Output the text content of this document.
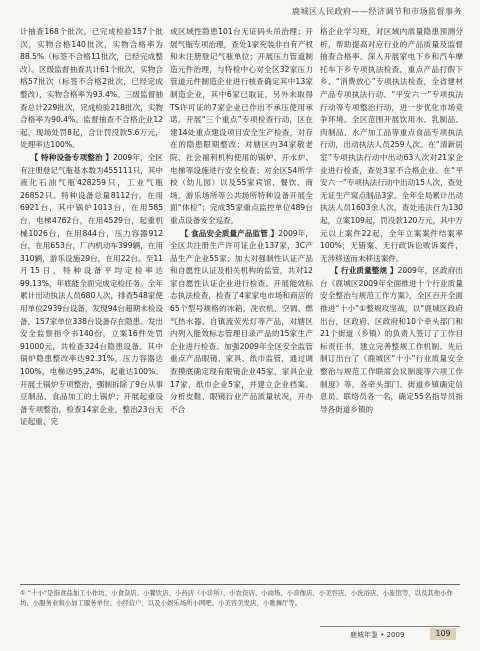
鹿城区人民政府——经济调节和市场监督事务

计抽查168个批次，已完成检验157个批次，实物合格140批次，实物合格率为88.5%（标签不合格11批次，已经完成整改）。区级监督抽查共计61个批次，实物合格57批次（标签不合格2批次，已经完成整改），实物合格率为93.4%。三级监督抽查总计229批次，完成检验218批次，实物合格率为90.4%。监督抽查不合格企业12起，现场处罚8起，合计罚没款5.6万元，处理率达100%。

【 特种设备专项整治 】2009年，全区有注册登记气瓶基本数为455111只，其中液化石油气瓶428259只，工业气瓶26852只。特种设备总量8112台，在用6921台，其中锅炉1013台，在用585台，电梯4762台，在用4529台，起重机械1026台，在用844台，压力容器912台，在用653台，厂内机动车399辆，在用310辆，游乐设施29台，在用22台。至11月15日，特种设备平均定检率达99.13%，年底能全面完成定检任务。全年累计出动执法人员680人次，排查548家使用单位2939台设备，发现94台超期未检设备，157家单位338台设备存在隐患。发出安全监察指令书140份，立案16件处罚91000元，共检查324台隐患设备。其中锅炉隐患整改率达92.31%，压力容器达100%，电梯达95.24%，起重达100%。开展土锅炉专项整治，强制拆除了9台从事豆制品、食品加工的土锅炉；开展起重设备专项整治，检查14家企业，整治23台无证起重、完

成区域性隐患101台无证码头吊治理；开展气瓶专项治理，查处1家充装非自有产权和未注册登记气瓶单位；开展压力管道制造元件治理，与特检中心对全区32家压力管道元件制造企业进行核查确定其中13家制造企业，其中6家已取证，另外未取得TS许可证的7家企业已作出不承压使用承诺。开展“三个重点”专项检查行动，区在建14处重点建设项目安全生产检查，对存在的隐患限期整改；对辖区内34家敬老院、社会福利机构使用的锅炉、开水炉、电梯等设施进行安全检查；对全区54所学校（幼儿园）以及55家宾馆、餐饮、商场、游乐场所等公共场所特种设备开展全面“体检”；完成35家重点监控单位489台重点设备安全巡查。

【 食品安全质量产品监管 】2009年，全区共注册生产许可证企业137家，3C产品生产企业55家；加大对强制性认证产品和自愿性认证及相关机构的监管，共对12家自愿性认证企业进行检查。开展能效标志执法检查，检查了4家家电市场和商店的65个型号规格的冰箱、洗衣机、空调、燃气热水器、自镇流荧光灯等产品，对辖区内列入能效标志管理目录产品的15家生产企业进行检查。加强2009年全区安全监管重点产品眼镜、家具、纸巾监管，通过调查摸底确定现有眼镜企业45家，家具企业17家，纸巾企业5家，并建立企业档案。分析皮鞋、眼镜行业产品质量状况，开办不合

格企业学习班，对区域内质量隐患预测分析，帮助提高对应行业的产品质量及监督抽查合格率。深入开展家电下乡和汽车摩托车下乡专项执法检查，重点产品打假下乡、“消费放心”专项执法检查，全省建材产品专项执法行动、“平安六一”专项执法行动等专项整治行动，进一步优化市场竞争环境。全区范围开展饮用水、乳制品、肉制品、水产加工品等重点食品专项执法行动，出动执法人员259人次。在“清新居室”专项执法行动中出动63人次对21家企业进行检查，查处3家不合格企业。在“平安六一”专项执法行动中出动15人次，查处无证生产窝点制品3家。全年全局累计出动执法人员1603余人次，查处违法行为130起，立案109起，罚没款120万元，其中万元以上案件22起，全年立案案件结案率100%，无错案、无行政诉讼败诉案件，无涉移送而未移送案件。

【 行业质量整规 】2009年，区政府出台《鹿城区2009年全面推进十个行业质量安全整治与规范工作方案》，全区百开全面推进“十小”①整规攻坚战，以“鹿城区政府出台，区政府、区政府和10个牵头部门和21个街道（乡镇）的负责人签订了工作目标责任书，建立完善整规工作机制。先后制订出台了《鹿城区“十小”行业质量安全整治与规范工作联席会议制度等六项工作制度》等，各牵头部门、街道乡镇确定信息员、联络员各一名，确定55名指导员指导各街道乡镇的

① “十小”是指食品加工小作坊、小食杂店、小餐饮店、小药店（小诊所）、小农资店、小商场、小音像店、小美容店、小洗浴店、小旅馆等，以及其他小作坊、小服务业和小加工服务单位、小经营户，以及小娱乐场所小网吧、小美容美发店、小歌舞厅等。
鹿城年鉴 • 2009	109
